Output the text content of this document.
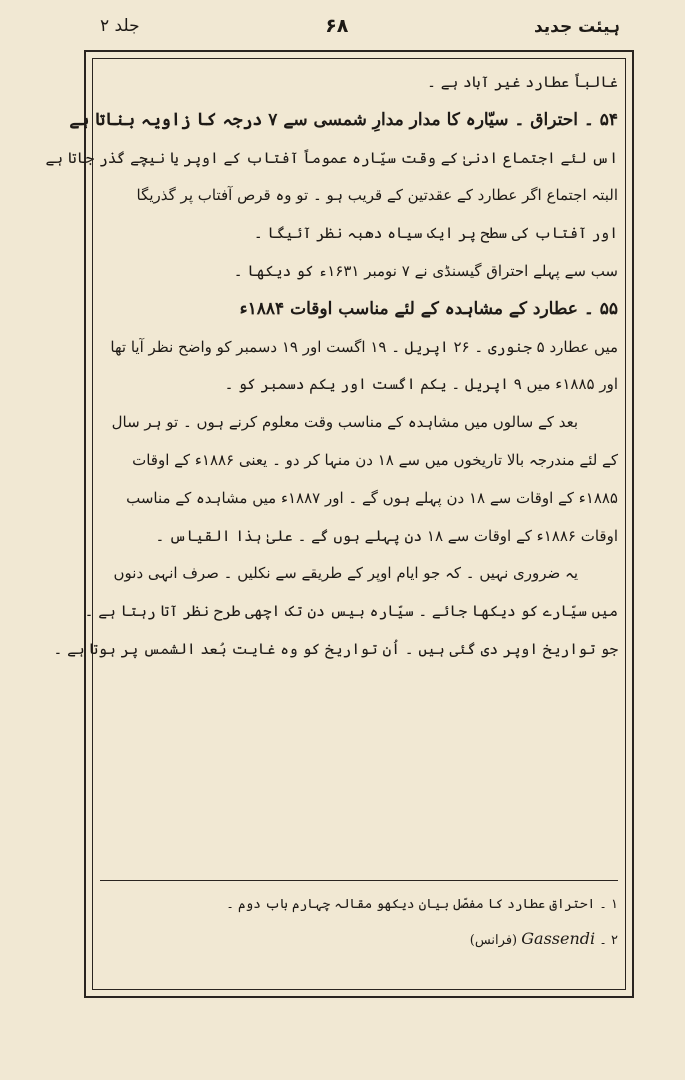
ہیئت جدید
۶۸
جلد ۲
غالباً عطارد غیر آباد ہے ۔
۵۴ ۔ احتراق ۔ سیّارہ کا مدار مدارِ شمسی سے ۷ درجہ کا زاویہ بناتا ہے
اس لئے اجتماع ادنیٰ کے وقت سیّارہ عموماً آفتاب کے اوپر یا نیچے گذر جاتا ہے
البتہ اجتماع اگر عطارد کے عقدتین کے قریب ہو ۔ تو وہ قرص آفتاب پر گذریگا
اور آفتاب کی سطح پر ایک سیاہ دھبہ نظر آئیگا ۔
سب سے پہلے احتراق گیسنڈی نے ۷ نومبر ۱۶۳۱ء کو دیکھا ۔
۵۵ ۔ عطارد کے مشاہدہ کے لئے مناسب اوقات ۱۸۸۴ء
میں عطارد ۵ جنوری ۔ ۲۶ اپریل ۔ ۱۹ اگست اور ۱۹ دسمبر کو واضح نظر آیا تھا
اور ۱۸۸۵ء میں ۹ اپریل ۔ یکم اگست اور یکم دسمبر کو ۔
بعد کے سالوں میں مشاہدہ کے مناسب وقت معلوم کرنے ہوں ۔ تو ہر سال
کے لئے مندرجہ بالا تاریخوں میں سے ۱۸ دن منہا کر دو ۔ یعنی ۱۸۸۶ء کے اوقات
۱۸۸۵ء کے اوقات سے ۱۸ دن پہلے ہوں گے ۔ اور ۱۸۸۷ء میں مشاہدہ کے مناسب
اوقات ۱۸۸۶ء کے اوقات سے ۱۸ دن پہلے ہوں گے ۔ علیٰ ہذا القیاس ۔
یہ ضروری نہیں ۔ کہ جو ایام اوپر کے طریقے سے نکلیں ۔ صرف انہی دنوں
میں سیّارے کو دیکھا جائے ۔ سیّارہ بیس دن تک اچھی طرح نظر آتا رہتا ہے ۔
جو تواریخ اوپر دی گئی ہیں ۔ اُن تواریخ کو وہ غایت بُعد الشمس پر ہوتا ہے ۔
۱ ۔ احتراق عطارد کا مفصّل بیان دیکھو مقالہ چہارم باب دوم ۔
۲ ۔ Gassendi (فرانس)
